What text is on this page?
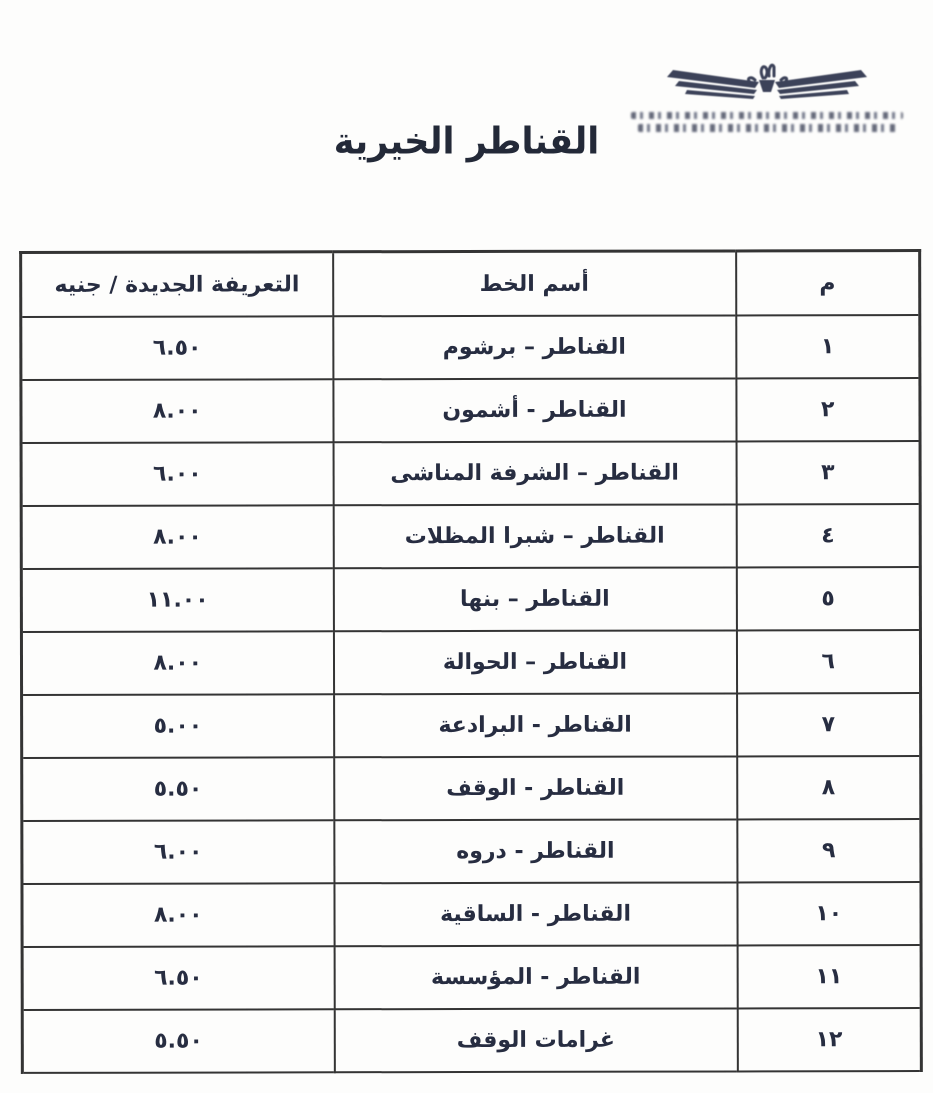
القناطر الخيرية
م	أسم الخط	التعريفة الجديدة / جنيه
١	القناطر – برشوم	٦.٥٠
٢	القناطر - أشمون	٨.٠٠
٣	القناطر – الشرفة المناشى	٦.٠٠
٤	القناطر – شبرا المظلات	٨.٠٠
٥	القناطر – بنها	١١.٠٠
٦	القناطر – الحوالة	٨.٠٠
٧	القناطر - البرادعة	٥.٠٠
٨	القناطر - الوقف	٥.٥٠
٩	القناطر - دروه	٦.٠٠
١٠	القناطر - الساقية	٨.٠٠
١١	القناطر - المؤسسة	٦.٥٠
١٢	غرامات الوقف	٥.٥٠
